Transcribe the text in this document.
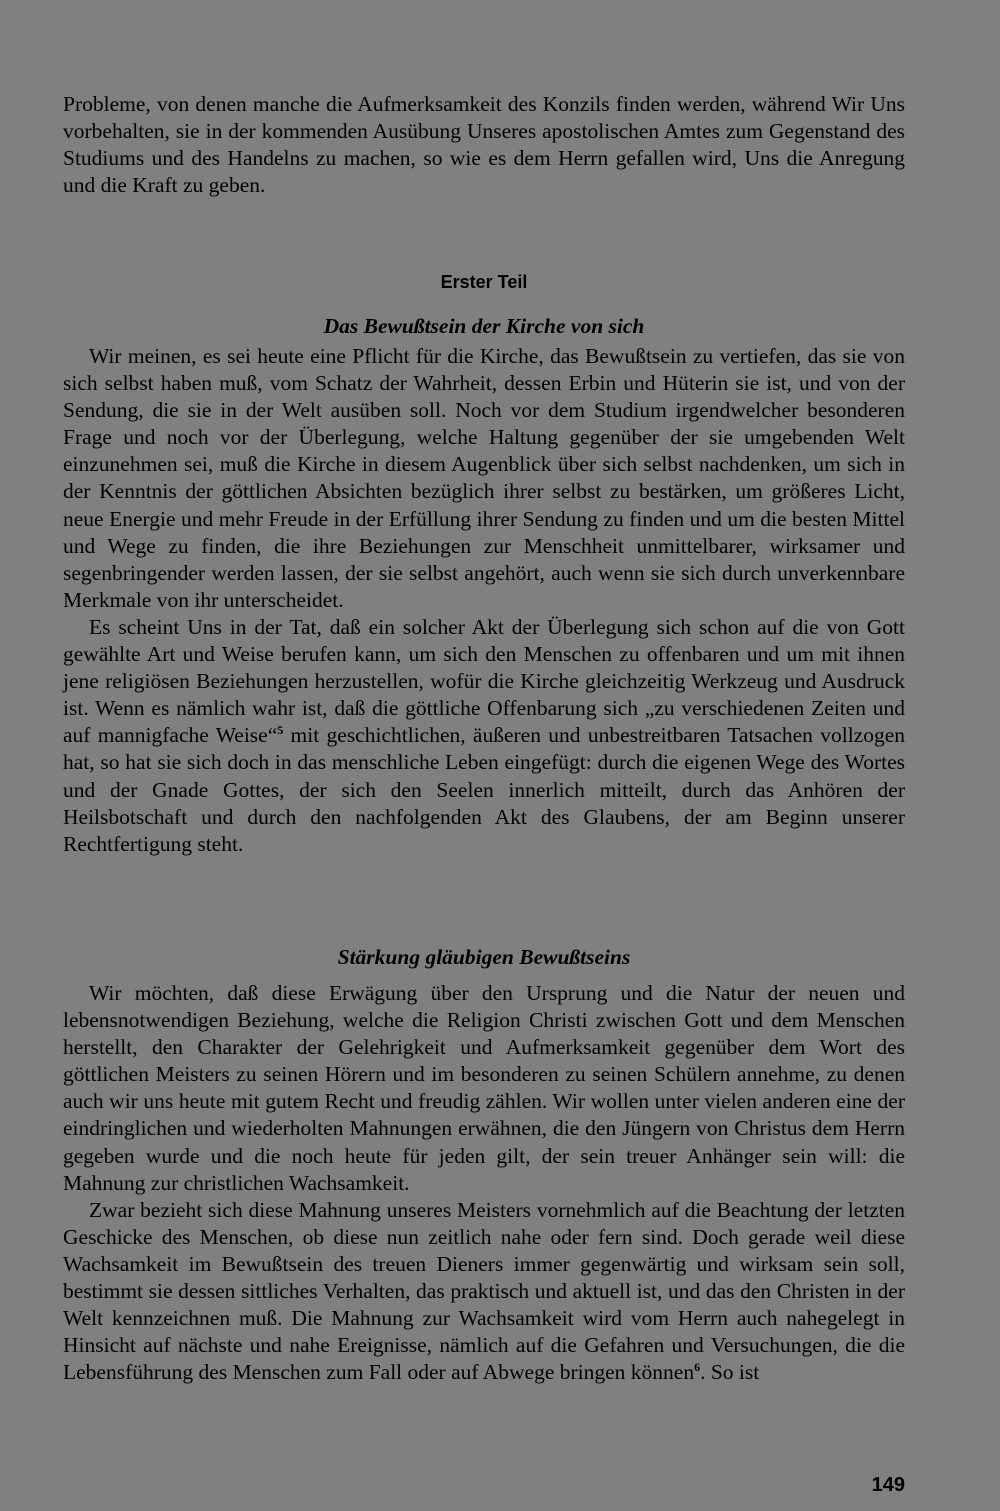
Probleme, von denen manche die Aufmerksamkeit des Konzils finden werden, während Wir Uns vorbehalten, sie in der kommenden Ausübung Unseres apostolischen Amtes zum Gegenstand des Studiums und des Handelns zu machen, so wie es dem Herrn gefallen wird, Uns die Anregung und die Kraft zu geben.

Erster Teil
Das Bewußtsein der Kirche von sich

Wir meinen, es sei heute eine Pflicht für die Kirche, das Bewußtsein zu vertiefen, das sie von sich selbst haben muß, vom Schatz der Wahrheit, dessen Erbin und Hüterin sie ist, und von der Sendung, die sie in der Welt ausüben soll. Noch vor dem Studium irgendwelcher besonderen Frage und noch vor der Überlegung, welche Haltung gegenüber der sie umgebenden Welt einzunehmen sei, muß die Kirche in diesem Augenblick über sich selbst nachdenken, um sich in der Kenntnis der göttlichen Absichten bezüglich ihrer selbst zu bestärken, um größeres Licht, neue Energie und mehr Freude in der Erfüllung ihrer Sendung zu finden und um die besten Mittel und Wege zu finden, die ihre Beziehungen zur Menschheit unmittelbarer, wirksamer und segenbringender werden lassen, der sie selbst angehört, auch wenn sie sich durch unverkennbare Merkmale von ihr unterscheidet.

Es scheint Uns in der Tat, daß ein solcher Akt der Überlegung sich schon auf die von Gott gewählte Art und Weise berufen kann, um sich den Menschen zu offenbaren und um mit ihnen jene religiösen Beziehungen herzustellen, wofür die Kirche gleichzeitig Werkzeug und Ausdruck ist. Wenn es nämlich wahr ist, daß die göttliche Offenbarung sich „zu verschiedenen Zeiten und auf mannigfache Weise“$^5$ mit geschichtlichen, äußeren und unbestreitbaren Tatsachen vollzogen hat, so hat sie sich doch in das menschliche Leben eingefügt: durch die eigenen Wege des Wortes und der Gnade Gottes, der sich den Seelen innerlich mitteilt, durch das Anhören der Heilsbotschaft und durch den nachfolgenden Akt des Glaubens, der am Beginn unserer Rechtfertigung steht.

Stärkung gläubigen Bewußtseins

Wir möchten, daß diese Erwägung über den Ursprung und die Natur der neuen und lebensnotwendigen Beziehung, welche die Religion Christi zwischen Gott und dem Menschen herstellt, den Charakter der Gelehrigkeit und Aufmerksamkeit gegenüber dem Wort des göttlichen Meisters zu seinen Hörern und im besonderen zu seinen Schülern annehme, zu denen auch wir uns heute mit gutem Recht und freudig zählen. Wir wollen unter vielen anderen eine der eindringlichen und wiederholten Mahnungen erwähnen, die den Jüngern von Christus dem Herrn gegeben wurde und die noch heute für jeden gilt, der sein treuer Anhänger sein will: die Mahnung zur christlichen Wachsamkeit.

Zwar bezieht sich diese Mahnung unseres Meisters vornehmlich auf die Beachtung der letzten Geschicke des Menschen, ob diese nun zeitlich nahe oder fern sind. Doch gerade weil diese Wachsamkeit im Bewußtsein des treuen Dieners immer gegenwärtig und wirksam sein soll, bestimmt sie dessen sittliches Verhalten, das praktisch und aktuell ist, und das den Christen in der Welt kennzeichnen muß. Die Mahnung zur Wachsamkeit wird vom Herrn auch nahegelegt in Hinsicht auf nächste und nahe Ereignisse, nämlich auf die Gefahren und Versuchungen, die die Lebensführung des Menschen zum Fall oder auf Abwege bringen können$^6$. So ist

149
